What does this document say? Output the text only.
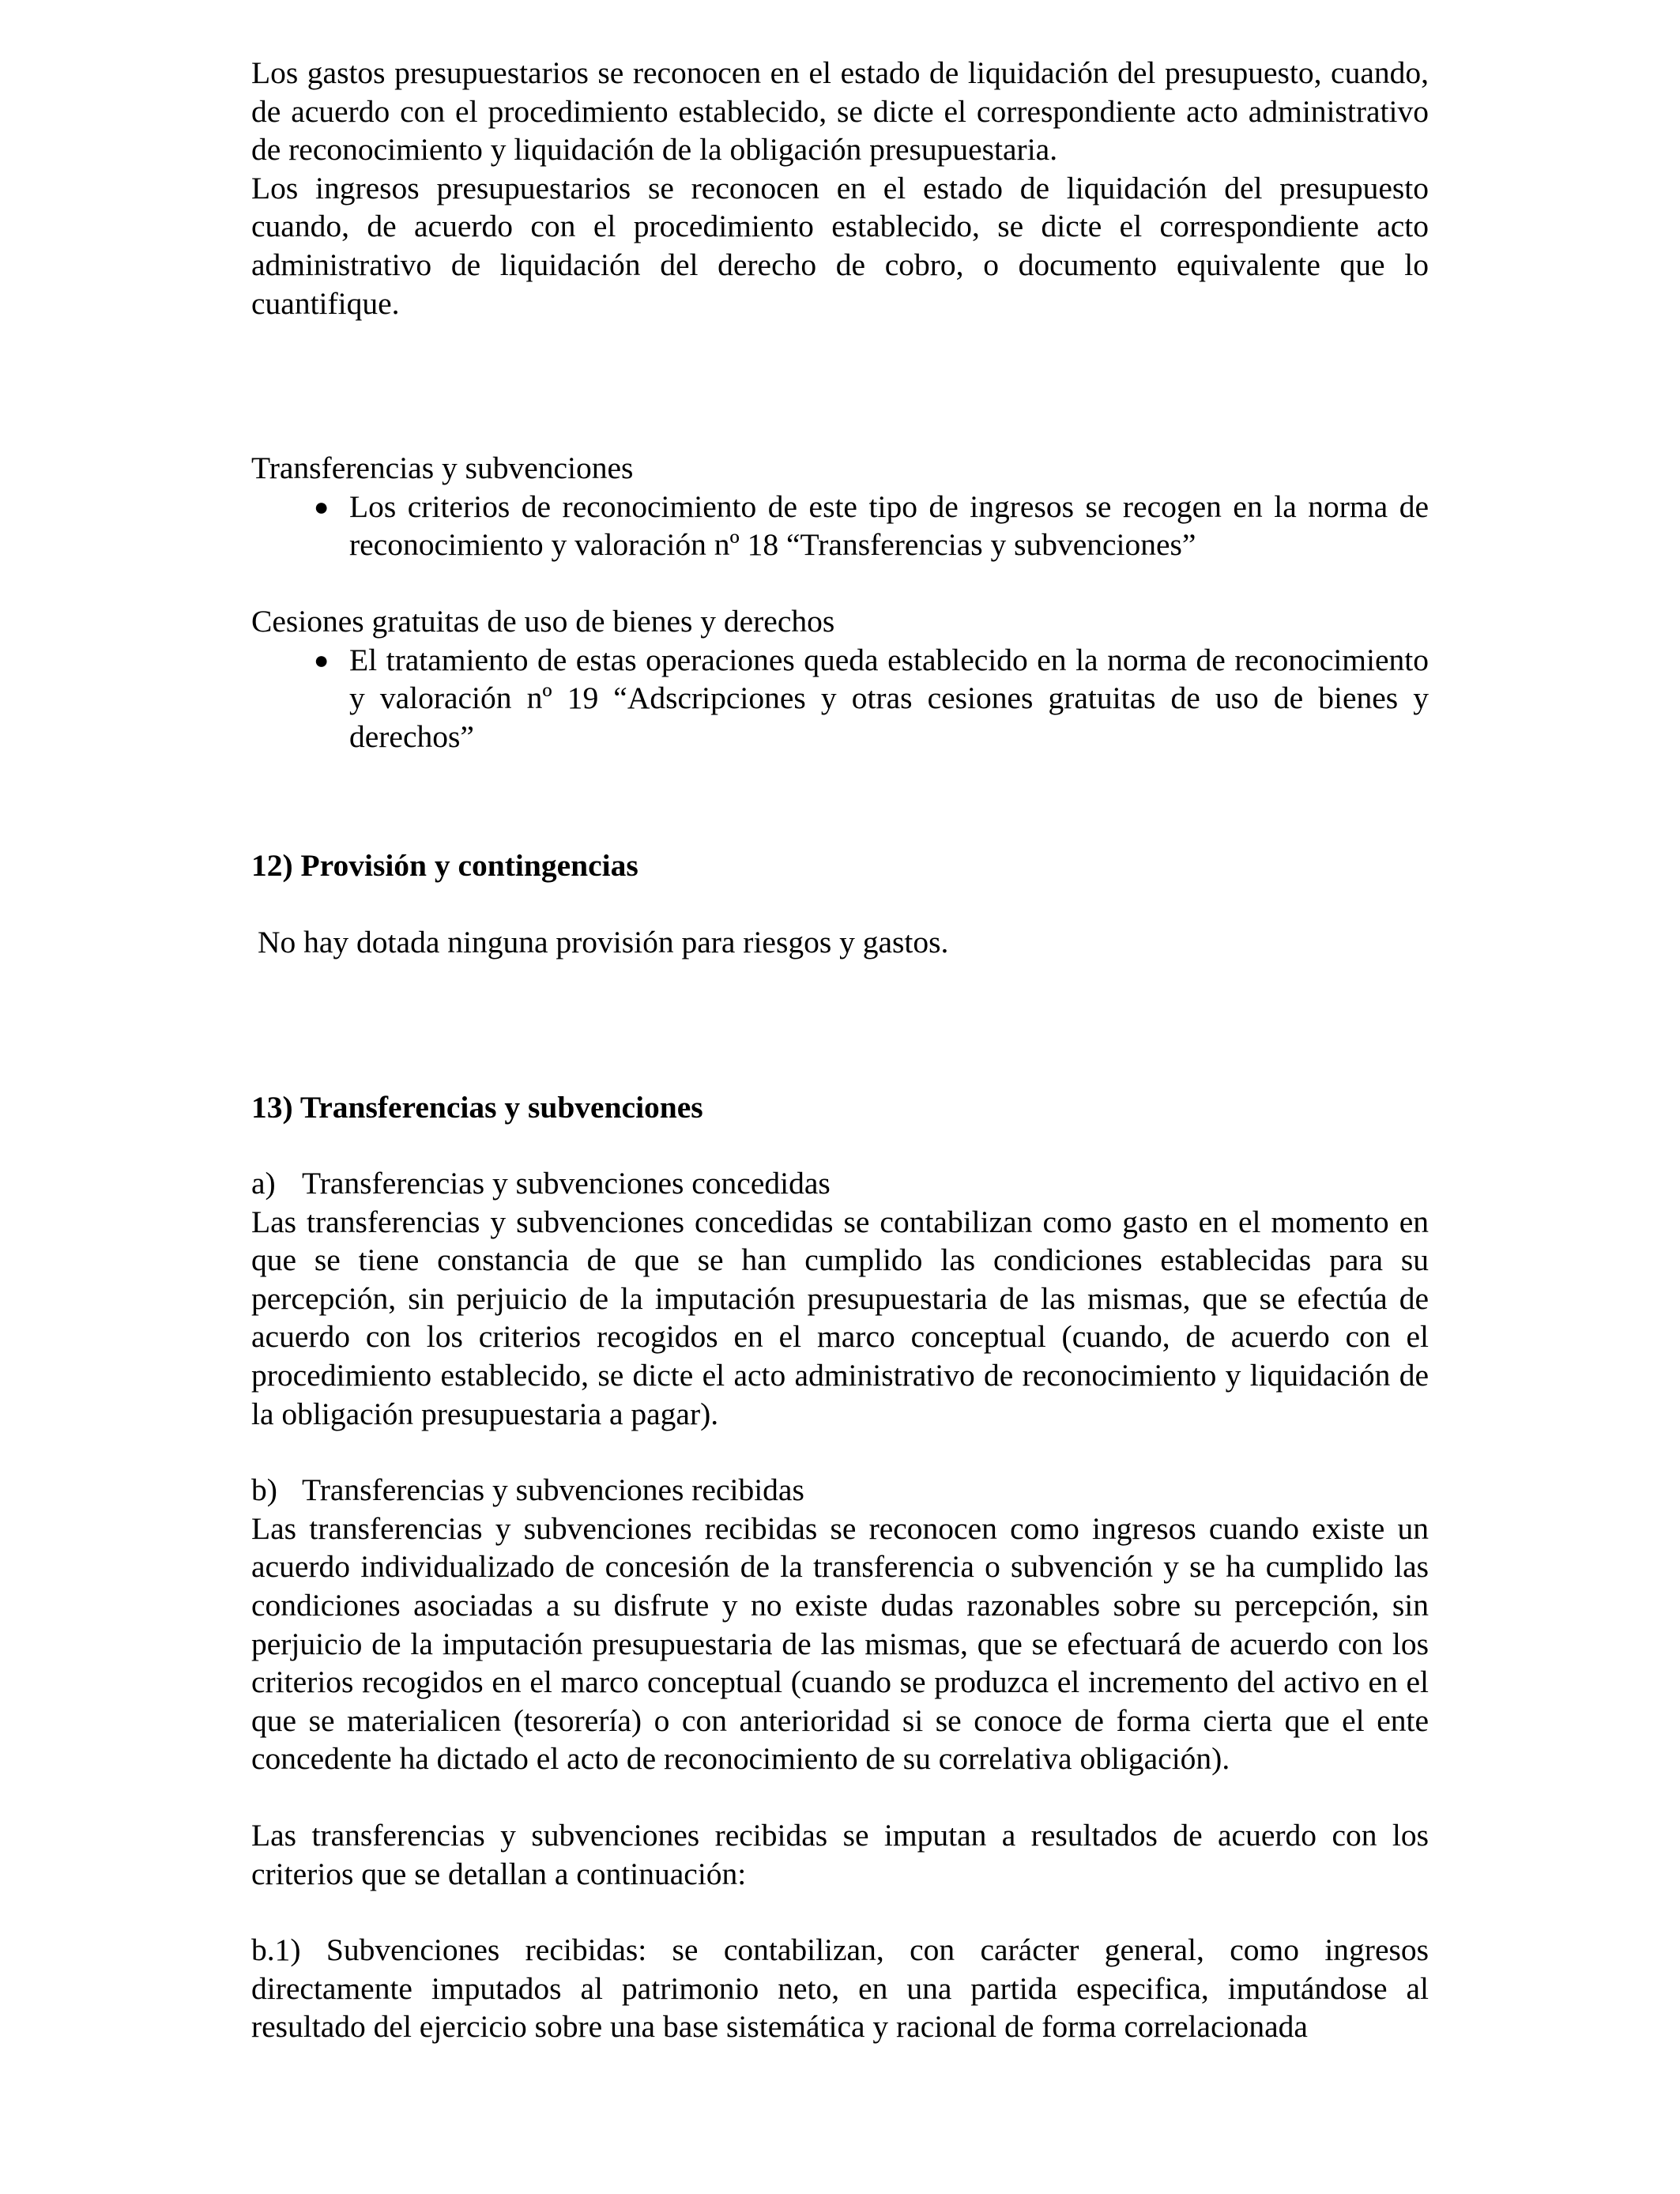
Los gastos presupuestarios se reconocen en el estado de liquidación del presupuesto, cuando, de acuerdo con el procedimiento establecido, se dicte el correspondiente acto administrativo de reconocimiento y liquidación de la obligación presupuestaria.

Los ingresos presupuestarios se reconocen en el estado de liquidación del presupuesto cuando, de acuerdo con el procedimiento establecido, se dicte el correspondiente acto administrativo de liquidación del derecho de cobro, o documento equivalente que lo cuantifique.

Transferencias y subvenciones

● Los criterios de reconocimiento de este tipo de ingresos se recogen en la norma de reconocimiento y valoración nº 18 “Transferencias y subvenciones”

Cesiones gratuitas de uso de bienes y derechos

● El tratamiento de estas operaciones queda establecido en la norma de reconocimiento y valoración nº 19 “Adscripciones y otras cesiones gratuitas de uso de bienes y derechos”

12) Provisión y contingencias

No hay dotada ninguna provisión para riesgos y gastos.

13) Transferencias y subvenciones

a) Transferencias y subvenciones concedidas

Las transferencias y subvenciones concedidas se contabilizan como gasto en el momento en que se tiene constancia de que se han cumplido las condiciones establecidas para su percepción, sin perjuicio de la imputación presupuestaria de las mismas, que se efectúa de acuerdo con los criterios recogidos en el marco conceptual (cuando, de acuerdo con el procedimiento establecido, se dicte el acto administrativo de reconocimiento y liquidación de la obligación presupuestaria a pagar).

b) Transferencias y subvenciones recibidas

Las transferencias y subvenciones recibidas se reconocen como ingresos cuando existe un acuerdo individualizado de concesión de la transferencia o subvención y se ha cumplido las condiciones asociadas a su disfrute y no existe dudas razonables sobre su percepción, sin perjuicio de la imputación presupuestaria de las mismas, que se efectuará de acuerdo con los criterios recogidos en el marco conceptual (cuando se produzca el incremento del activo en el que se materialicen (tesorería) o con anterioridad si se conoce de forma cierta que el ente concedente ha dictado el acto de reconocimiento de su correlativa obligación).

Las transferencias y subvenciones recibidas se imputan a resultados de acuerdo con los criterios que se detallan a continuación:

b.1) Subvenciones recibidas: se contabilizan, con carácter general, como ingresos directamente imputados al patrimonio neto, en una partida especifica, imputándose al resultado del ejercicio sobre una base sistemática y racional de forma correlacionada
